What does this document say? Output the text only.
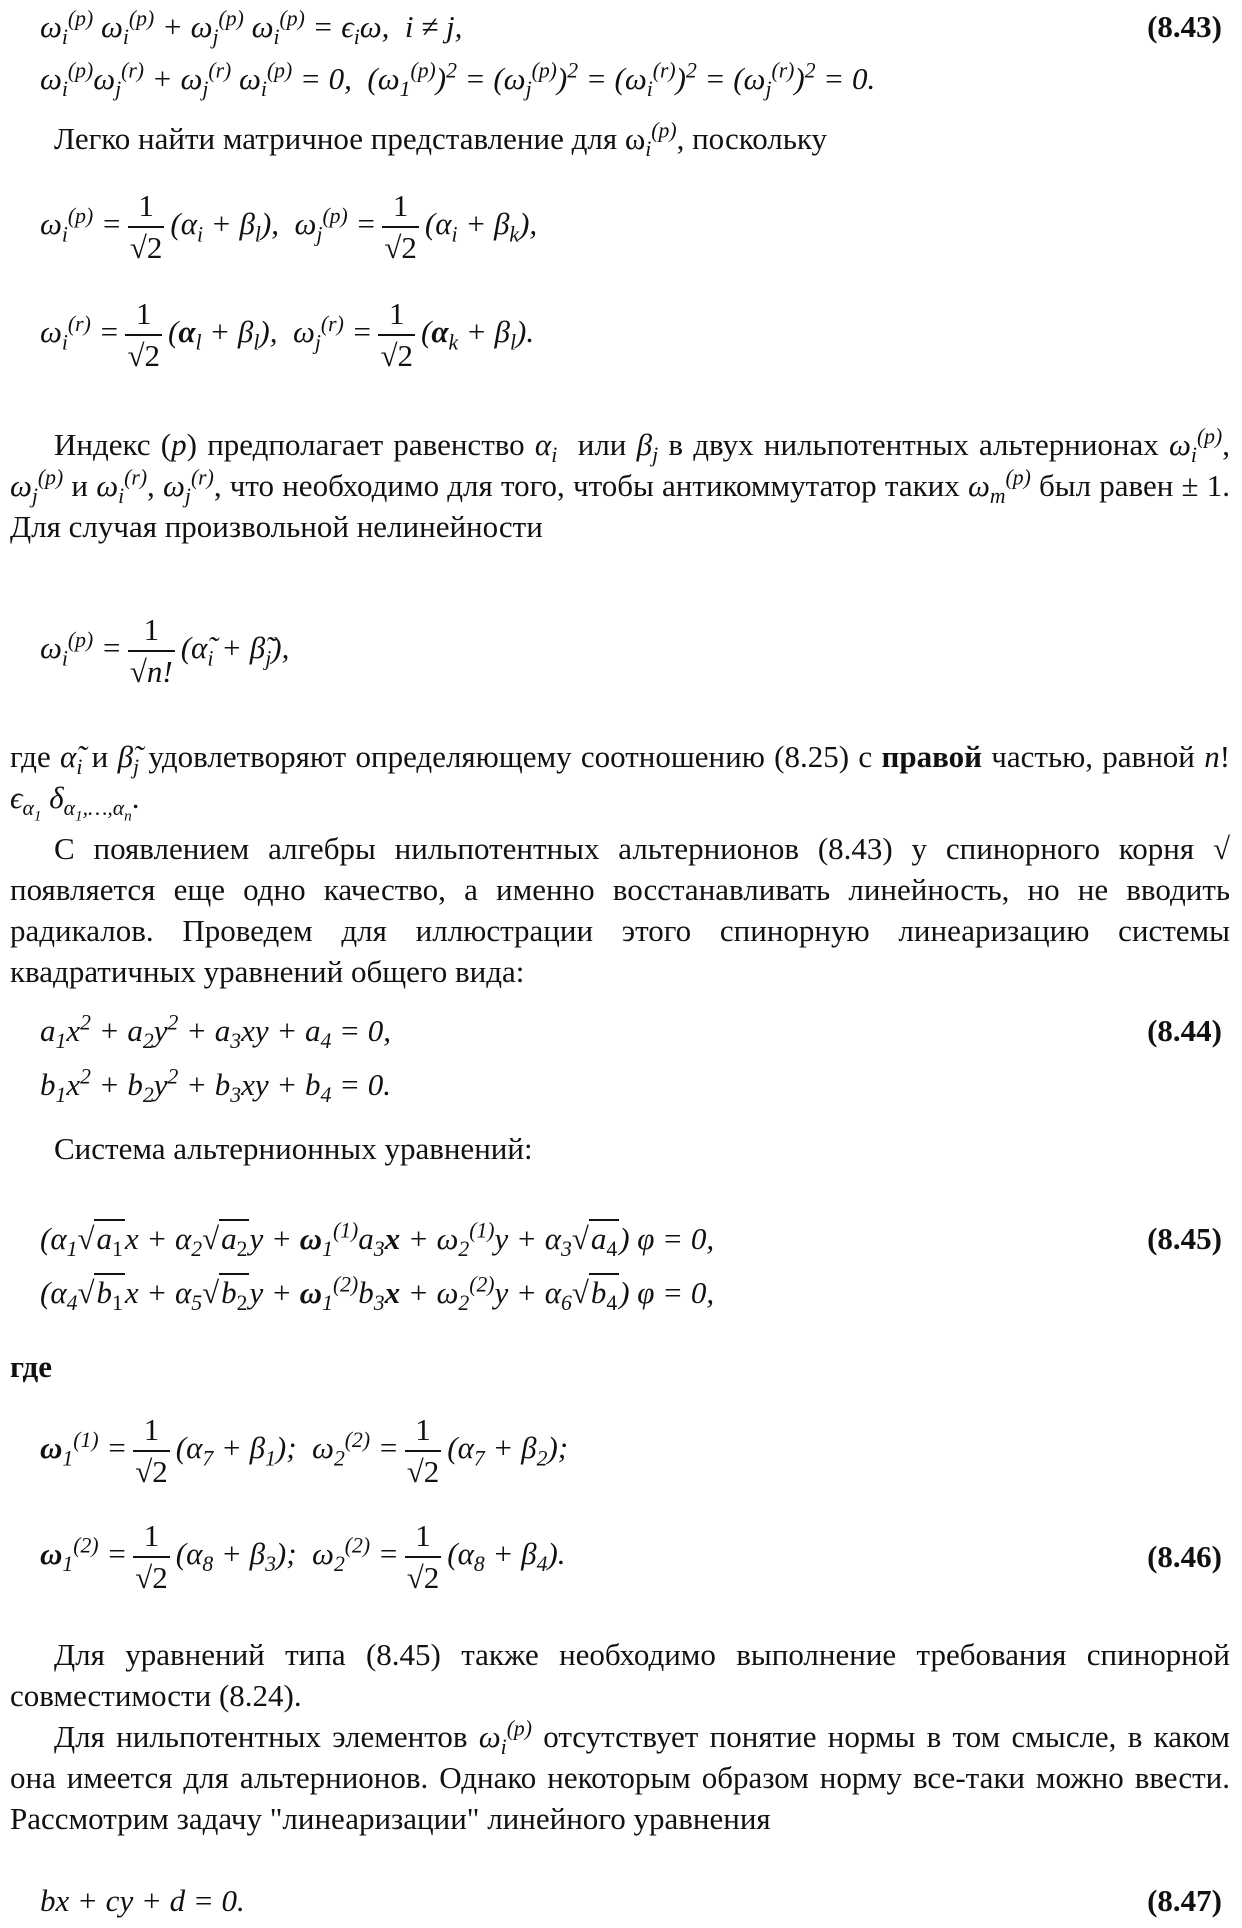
$\omega_i^{(p)}$ $\omega_i^{(p)} + \omega_j^{(p)}$ $\omega_i^{(p)} = \epsilon_i\omega$,  i ≠ j,	(8.43)
$\omega_i^{(p)}\omega_j^{(r)} + \omega_j^{(r)}$ $\omega_i^{(p)} = 0$,  $(\omega_1^{(p)})^2 = (\omega_j^{(p)})^2 = (\omega_i^{(r)})^2 = (\omega_j^{(r)})^2 = 0$.

Легко найти матричное представление для $\omega_i^{(p)}$, поскольку

$\omega_i^{(p)} = \frac{1}{√2} (\alpha_i + \beta_l)$,  $\omega_j^{(p)} = \frac{1}{√2} (\alpha_i + \beta_k)$,
$\omega_i^{(r)} = \frac{1}{√2} (\alpha_l + \beta_l)$,  $\omega_j^{(r)} = \frac{1}{√2} (\alpha_k + \beta_l)$.

Индекс (p) предполагает равенство $\alpha_i$  или $\beta_j$ в двух нильпотентных альтернионах $\omega_i^{(p)}$, $\omega_j^{(p)}$ и $\omega_i^{(r)}$, $\omega_j^{(r)}$, что необходимо для того, чтобы антикоммутатор таких $\omega_m^{(p)}$ был равен ± 1. Для случая произвольной нелинейности

$\omega_i^{(p)} = \frac{1}{√n!}$ ($\alphã_i$ + $\betã_j$),

где $\alphã_i$ и $\betã_j$ удовлетворяют определяющему соотношению (8.25) с правой частью, равной $n!\epsilon_{\alpha_1}$ $\delta_{\alpha_1,\dots,\alpha_n}$.

С появлением алгебры нильпотентных альтернионов (8.43) у спинорного корня √ появляется еще одно качество, а именно восстанавливать линейность, но не вводить радикалов. Проведем для иллюстрации этого спинорную линеаризацию системы квадратичных уравнений общего вида:

$a_1x^2 + a_2y^2 + a_3xy + a_4 = 0$,	(8.44)
$b_1x^2 + b_2y^2 + b_3xy + b_4 = 0$.

Система альтернионных уравнений:

$(\alpha_1√a_1x + \alpha_2√a_2y + \omega_1^{(1)}a_3x + \omega_2^{(1)}y + \alpha_3√a_4) \varphi = 0$,	(8.45)
$(\alpha_4√b_1x + \alpha_5√b_2y + \omega_1^{(2)}b_3x + \omega_2^{(2)}y + \alpha_6√b_4) \varphi = 0$,
где
$\omega_1^{(1)} = \frac{1}{√2} (\alpha_7 + \beta_1)$;  $\omega_2^{(2)} = \frac{1}{√2} (\alpha_7 + \beta_2)$;
$\omega_1^{(2)} = \frac{1}{√2} (\alpha_8 + \beta_3)$;  $\omega_2^{(2)} = \frac{1}{√2} (\alpha_8 + \beta_4)$.	(8.46)

Для уравнений типа (8.45) также необходимо выполнение требования спинорной совместимости (8.24).

Для нильпотентных элементов $\omega_i^{(p)}$ отсутствует понятие нормы в том смысле, в каком она имеется для альтернионов. Однако некоторым образом норму все-таки можно ввести. Рассмотрим задачу "линеаризации" линейного уравнения

bx + cy + d = 0.	(8.47)
